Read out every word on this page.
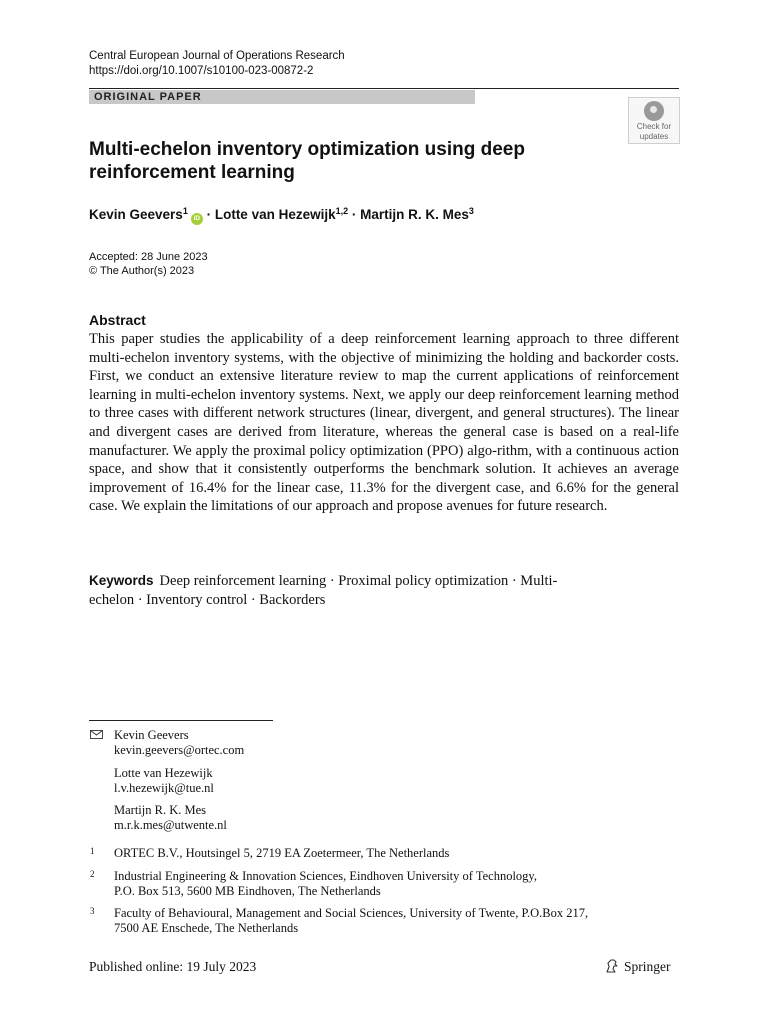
Central European Journal of Operations Research
https://doi.org/10.1007/s10100-023-00872-2
ORIGINAL PAPER
Check for
updates
Multi-echelon inventory optimization using deep reinforcement learning
Kevin Geevers$^1$iD · Lotte van Hezewijk$^{1,2}$ · Martijn R. K. Mes$^3$
Accepted: 28 June 2023
© The Author(s) 2023
Abstract
This paper studies the applicability of a deep reinforcement learning approach to three different multi-echelon inventory systems, with the objective of minimizing the holding and backorder costs. First, we conduct an extensive literature review to map the current applications of reinforcement learning in multi-echelon inventory systems. Next, we apply our deep reinforcement learning method to three cases with different network structures (linear, divergent, and general structures). The linear and divergent cases are derived from literature, whereas the general case is based on a real-life manufacturer. We apply the proximal policy optimization (PPO) algo-rithm, with a continuous action space, and show that it consistently outperforms the benchmark solution. It achieves an average improvement of 16.4% for the linear case, 11.3% for the divergent case, and 6.6% for the general case. We explain the limitations of our approach and propose avenues for future research.
Keywords Deep reinforcement learning · Proximal policy optimization · Multi-
echelon · Inventory control · Backorders
Kevin Geevers
kevin.geevers@ortec.com
Lotte van Hezewijk
l.v.hezewijk@tue.nl
Martijn R. K. Mes
m.r.k.mes@utwente.nl
1 ORTEC B.V., Houtsingel 5, 2719 EA Zoetermeer, The Netherlands
2 Industrial Engineering & Innovation Sciences, Eindhoven University of Technology,
P.O. Box 513, 5600 MB Eindhoven, The Netherlands
3 Faculty of Behavioural, Management and Social Sciences, University of Twente, P.O.Box 217,
7500 AE Enschede, The Netherlands
Published online: 19 July 2023	Springer
